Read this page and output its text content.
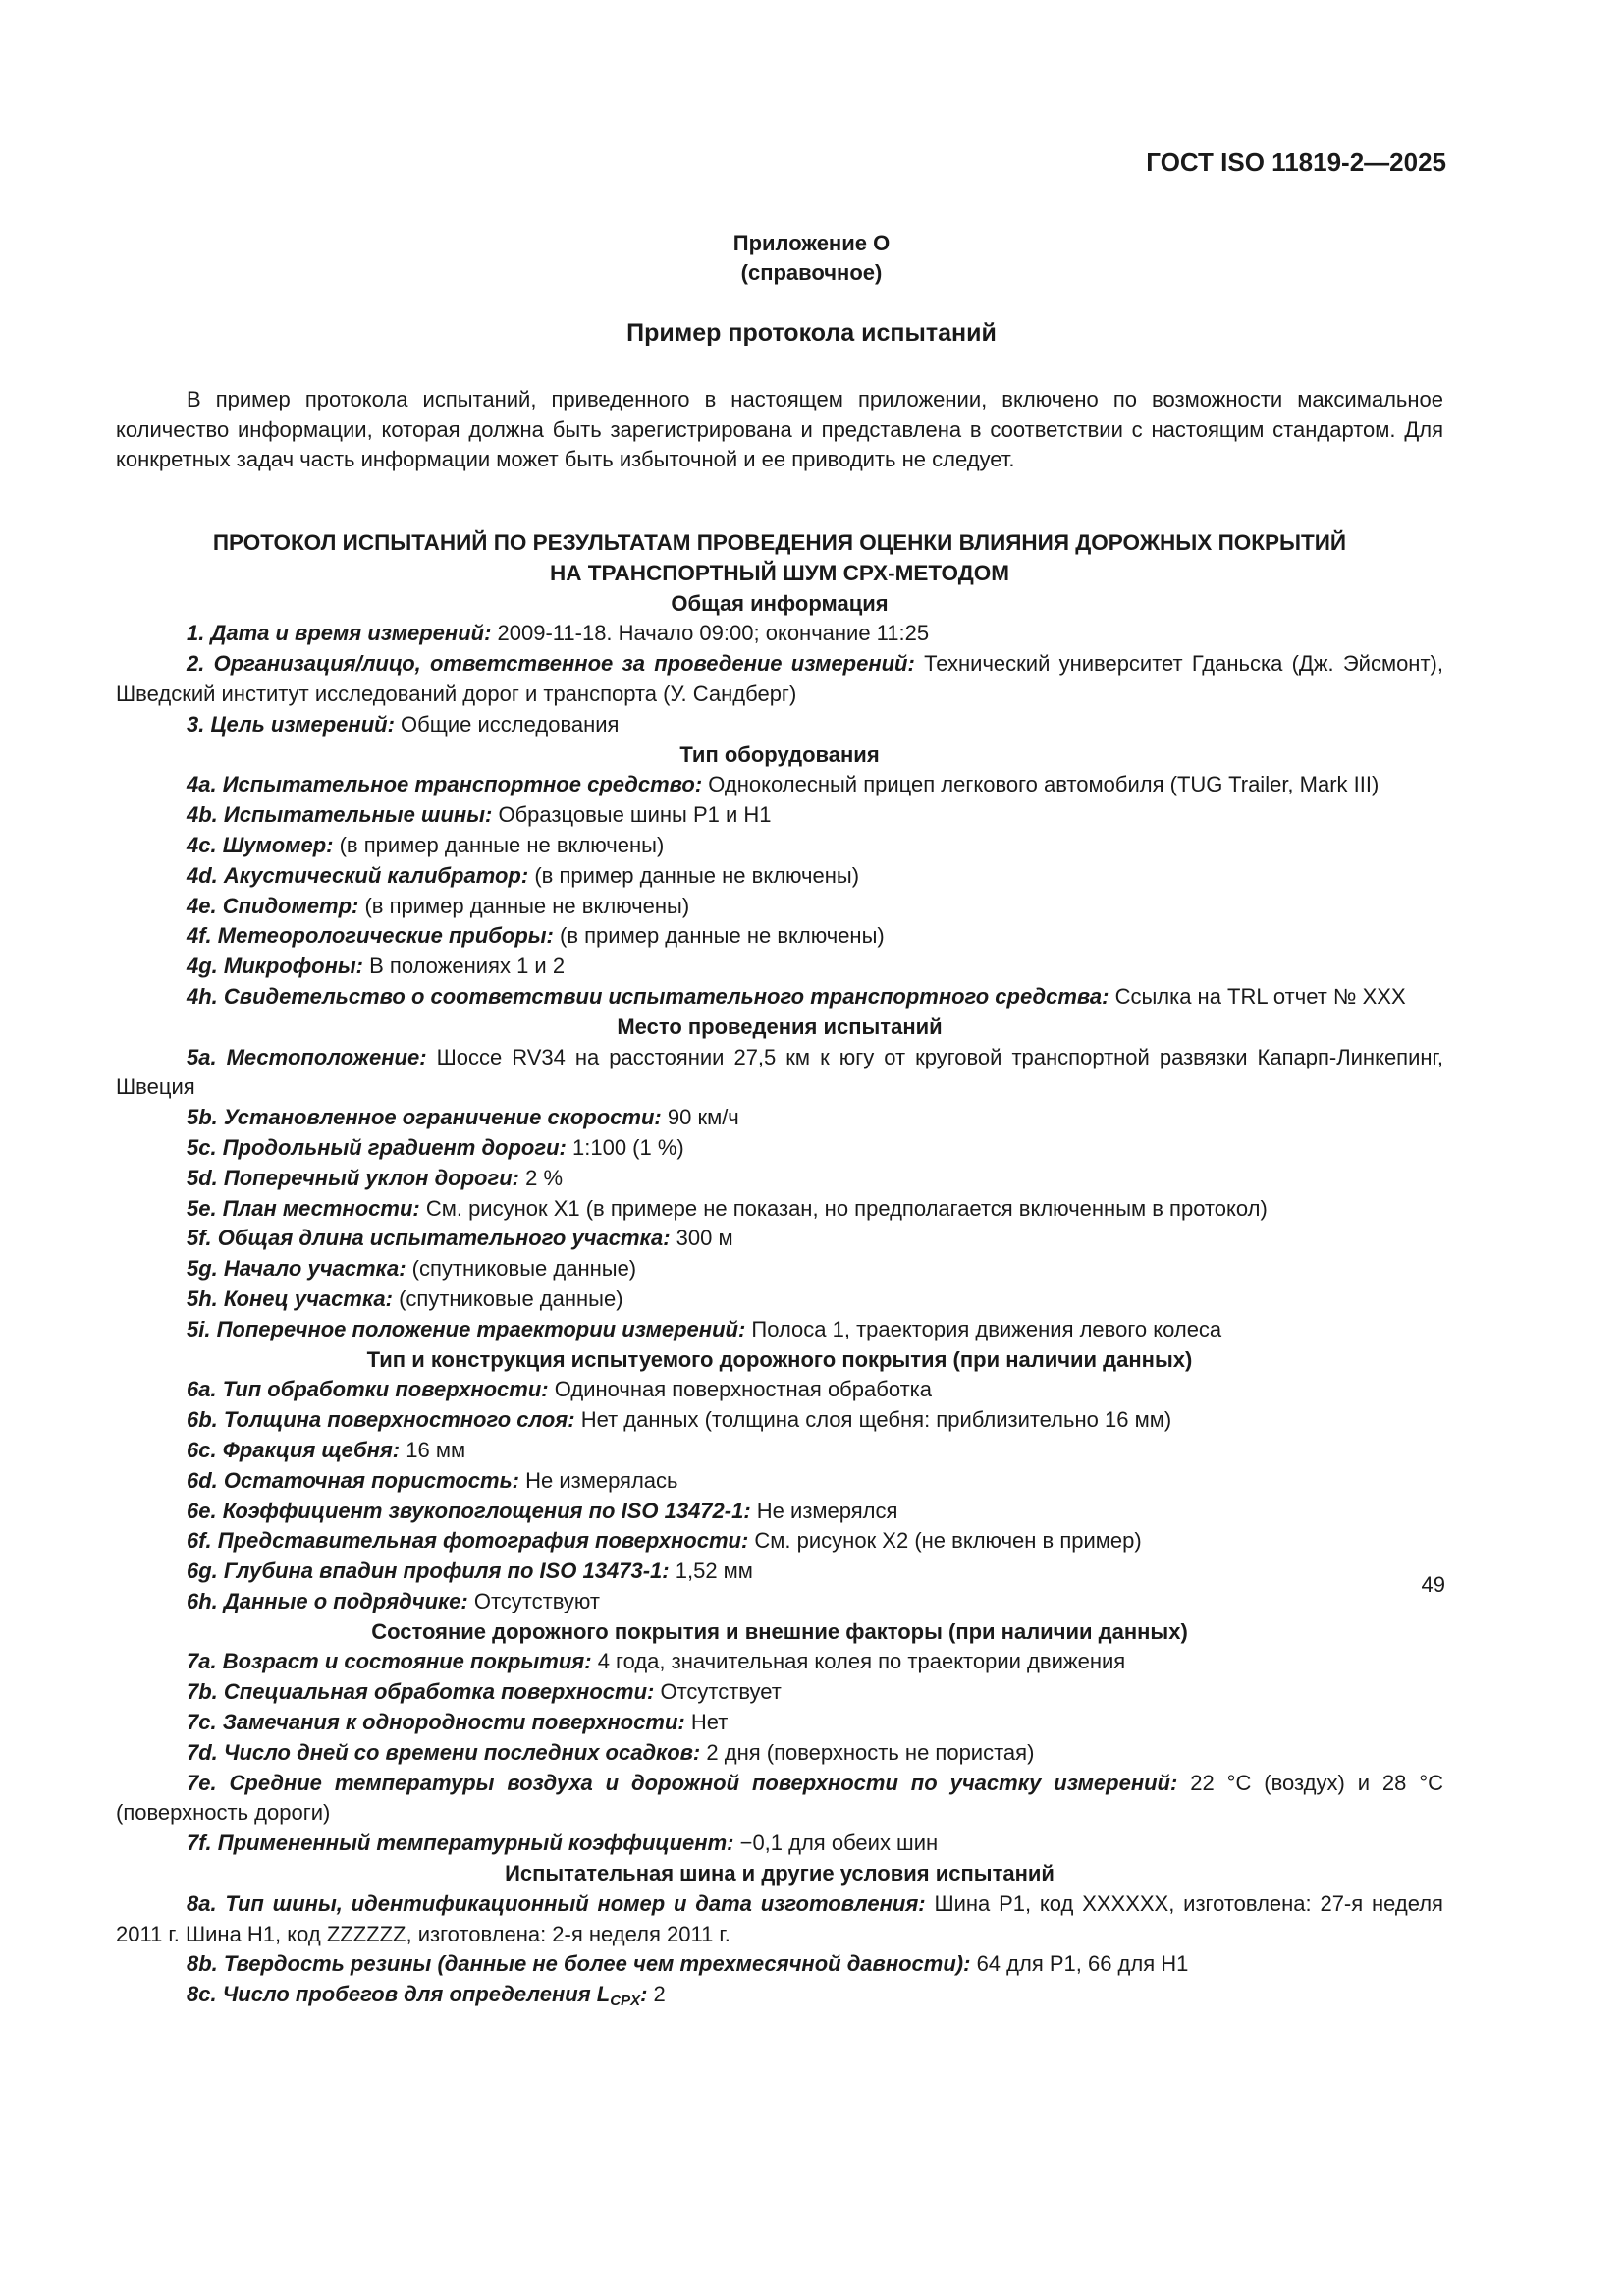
ГОСТ ISO 11819-2—2025
Приложение О
(справочное)
Пример протокола испытаний

В пример протокола испытаний, приведенного в настоящем приложении, включено по возможности максимальное количество информации, которая должна быть зарегистрирована и представлена в соответствии с настоящим стандартом. Для конкретных задач часть информации может быть избыточной и ее приводить не следует.

ПРОТОКОЛ ИСПЫТАНИЙ ПО РЕЗУЛЬТАТАМ ПРОВЕДЕНИЯ ОЦЕНКИ ВЛИЯНИЯ ДОРОЖНЫХ ПОКРЫТИЙ
НА ТРАНСПОРТНЫЙ ШУМ СРХ-МЕТОДОМ

Общая информация

1. Дата и время измерений: 2009-11-18. Начало 09:00; окончание 11:25

2. Организация/лицо, ответственное за проведение измерений: Технический университет Гданьска (Дж. Эйсмонт), Шведский институт исследований дорог и транспорта (У. Сандберг)

3. Цель измерений: Общие исследования

Тип оборудования

4a. Испытательное транспортное средство: Одноколесный прицеп легкового автомобиля (TUG Trailer, Mark III)

4b. Испытательные шины: Образцовые шины P1 и H1

4c. Шумомер: (в пример данные не включены)

4d. Акустический калибратор: (в пример данные не включены)

4e. Спидометр: (в пример данные не включены)

4f. Метеорологические приборы: (в пример данные не включены)

4g. Микрофоны: В положениях 1 и 2

4h. Свидетельство о соответствии испытательного транспортного средства: Ссылка на TRL отчет № XXX

Место проведения испытаний

5a. Местоположение: Шоссе RV34 на расстоянии 27,5 км к югу от круговой транспортной развязки Капарп-Линкепинг, Швеция

5b. Установленное ограничение скорости: 90 км/ч

5c. Продольный градиент дороги: 1:100 (1 %)

5d. Поперечный уклон дороги: 2 %

5e. План местности: См. рисунок X1 (в примере не показан, но предполагается включенным в протокол)

5f. Общая длина испытательного участка: 300 м

5g. Начало участка: (спутниковые данные)

5h. Конец участка: (спутниковые данные)

5i. Поперечное положение траектории измерений: Полоса 1, траектория движения левого колеса

Тип и конструкция испытуемого дорожного покрытия (при наличии данных)

6a. Тип обработки поверхности: Одиночная поверхностная обработка

6b. Толщина поверхностного слоя: Нет данных (толщина слоя щебня: приблизительно 16 мм)

6c. Фракция щебня: 16 мм

6d. Остаточная пористость: Не измерялась

6e. Коэффициент звукопоглощения по ISO 13472-1: Не измерялся

6f. Представительная фотография поверхности: См. рисунок X2 (не включен в пример)

6g. Глубина впадин профиля по ISO 13473-1: 1,52 мм

6h. Данные о подрядчике: Отсутствуют

Состояние дорожного покрытия и внешние факторы (при наличии данных)

7a. Возраст и состояние покрытия: 4 года, значительная колея по траектории движения

7b. Специальная обработка поверхности: Отсутствует

7c. Замечания к однородности поверхности: Нет

7d. Число дней со времени последних осадков: 2 дня (поверхность не пористая)

7e. Средние температуры воздуха и дорожной поверхности по участку измерений: 22 °С (воздух) и 28 °С (поверхность дороги)

7f. Примененный температурный коэффициент: −0,1 для обеих шин

Испытательная шина и другие условия испытаний

8a. Тип шины, идентификационный номер и дата изготовления: Шина P1, код XXXXXX, изготовлена: 27-я неделя 2011 г. Шина H1, код ZZZZZZ, изготовлена: 2-я неделя 2011 г.

8b. Твердость резины (данные не более чем трехмесячной давности): 64 для P1, 66 для H1

8c. Число пробегов для определения $L_{CPX}$: 2

49
